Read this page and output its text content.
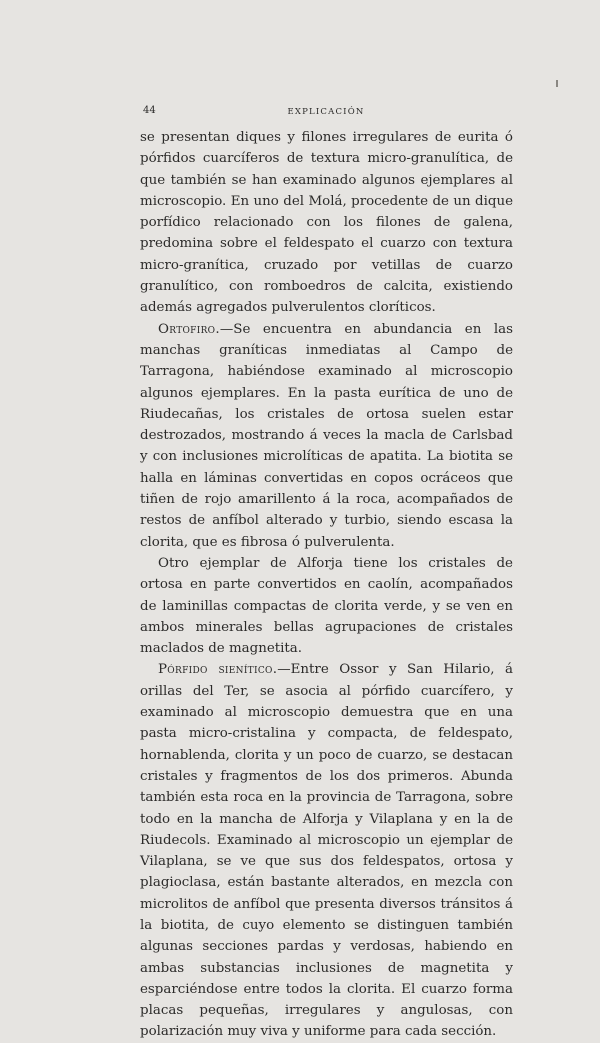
44	EXPLICACIÓN

se presentan diques y filones irregulares de eurita ó pórfidos cuarcíferos de textura micro-granulítica, de que también se han examinado algunos ejemplares al microscopio. En uno del Molá, procedente de un dique porfídico relacionado con los filones de galena, predomina sobre el feldespato el cuarzo con textura micro-granítica, cruzado por vetillas de cuarzo granulítico, con romboedros de calcita, existiendo además agregados pulverulentos cloríticos.

Ortofiro.—Se encuentra en abundancia en las manchas graníticas inmediatas al Campo de Tarragona, habiéndose examinado al microscopio algunos ejemplares. En la pasta eurítica de uno de Riudecañas, los cristales de ortosa suelen estar destrozados, mostrando á veces la macla de Carlsbad y con inclusiones microlíticas de apatita. La biotita se halla en láminas convertidas en copos ocráceos que tiñen de rojo amarillento á la roca, acompañados de restos de anfíbol alterado y turbio, siendo escasa la clorita, que es fibrosa ó pulverulenta.

Otro ejemplar de Alforja tiene los cristales de ortosa en parte convertidos en caolín, acompañados de laminillas compactas de clorita verde, y se ven en ambos minerales bellas agrupaciones de cristales maclados de magnetita.

Pórfido sienítico.—Entre Ossor y San Hilario, á orillas del Ter, se asocia al pórfido cuarcífero, y examinado al microscopio demuestra que en una pasta micro-cristalina y compacta, de feldespato, hornablenda, clorita y un poco de cuarzo, se destacan cristales y fragmentos de los dos primeros. Abunda también esta roca en la provincia de Tarragona, sobre todo en la mancha de Alforja y Vilaplana y en la de Riudecols. Examinado al microscopio un ejemplar de Vilaplana, se ve que sus dos feldespatos, ortosa y plagioclasa, están bastante alterados, en mezcla con microlitos de anfíbol que presenta diversos tránsitos á la biotita, de cuyo elemento se distinguen también algunas secciones pardas y verdosas, habiendo en ambas substancias inclusiones de magnetita y esparciéndose entre todos la clorita. El cuarzo forma placas pequeñas, irregulares y angulosas, con polarización muy viva y uniforme para cada sección.
